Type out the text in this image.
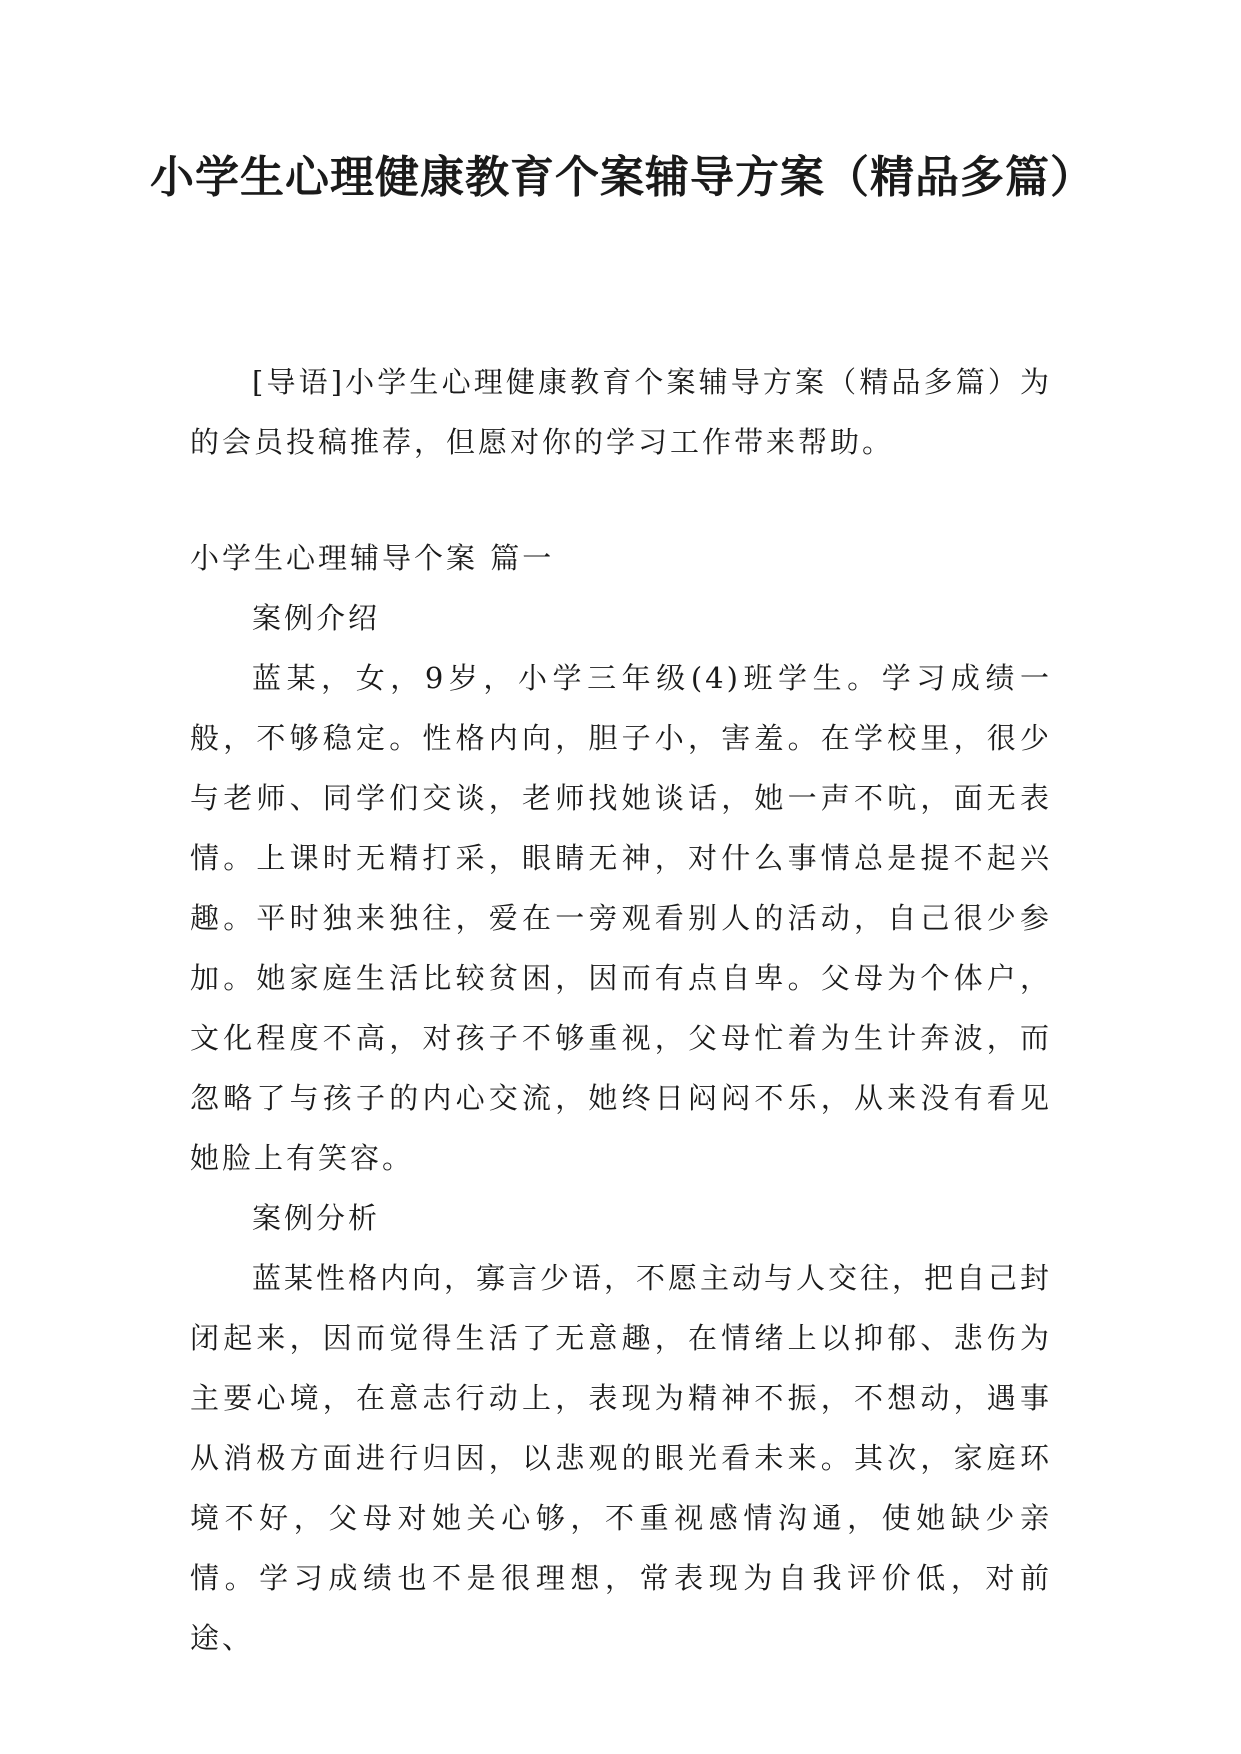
小学生心理健康教育个案辅导方案（精品多篇）

[导语]小学生心理健康教育个案辅导方案（精品多篇）为的会员投稿推荐，但愿对你的学习工作带来帮助。

小学生心理辅导个案 篇一

案例介绍

蓝某，女，9岁，小学三年级(4)班学生。学习成绩一般，不够稳定。性格内向，胆子小，害羞。在学校里，很少与老师、同学们交谈，老师找她谈话，她一声不吭，面无表情。上课时无精打采，眼睛无神，对什么事情总是提不起兴趣。平时独来独往，爱在一旁观看别人的活动，自己很少参加。她家庭生活比较贫困，因而有点自卑。父母为个体户，文化程度不高，对孩子不够重视，父母忙着为生计奔波，而忽略了与孩子的内心交流，她终日闷闷不乐，从来没有看见她脸上有笑容。

案例分析

蓝某性格内向，寡言少语，不愿主动与人交往，把自己封闭起来，因而觉得生活了无意趣，在情绪上以抑郁、悲伤为主要心境，在意志行动上，表现为精神不振，不想动，遇事从消极方面进行归因，以悲观的眼光看未来。其次，家庭环境不好，父母对她关心够，不重视感情沟通，使她缺少亲情。学习成绩也不是很理想，常表现为自我评价低，对前途、
